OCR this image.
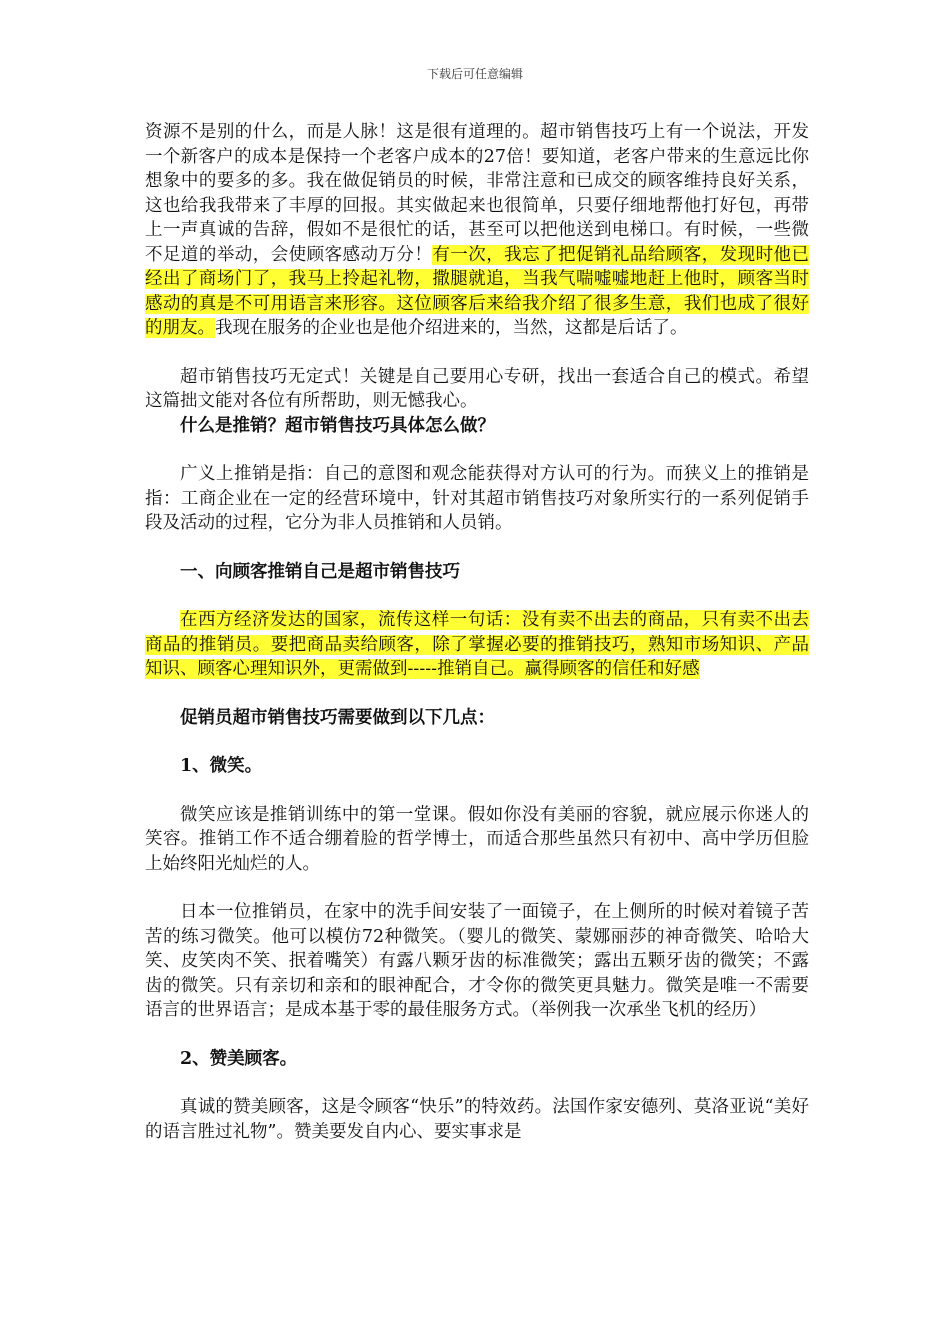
下载后可任意编辑

资源不是别的什么，而是人脉！这是很有道理的。超市销售技巧上有一个说法，开发一个新客户的成本是保持一个老客户成本的27倍！要知道，老客户带来的生意远比你想象中的要多的多。我在做促销员的时候，非常注意和已成交的顾客维持良好关系，这也给我我带来了丰厚的回报。其实做起来也很简单，只要仔细地帮他打好包，再带上一声真诚的告辞，假如不是很忙的话，甚至可以把他送到电梯口。有时候，一些微不足道的举动，会使顾客感动万分！有一次，我忘了把促销礼品给顾客，发现时他已经出了商场门了，我马上拎起礼物，撒腿就追，当我气喘嘘嘘地赶上他时，顾客当时感动的真是不可用语言来形容。这位顾客后来给我介绍了很多生意，我们也成了很好的朋友。我现在服务的企业也是他介绍进来的，当然，这都是后话了。

超市销售技巧无定式！关键是自己要用心专研，找出一套适合自己的模式。希望这篇拙文能对各位有所帮助，则无憾我心。

什么是推销？超市销售技巧具体怎么做？

广义上推销是指：自己的意图和观念能获得对方认可的行为。而狭义上的推销是指：工商企业在一定的经营环境中，针对其超市销售技巧对象所实行的一系列促销手段及活动的过程，它分为非人员推销和人员销。

一、向顾客推销自己是超市销售技巧

在西方经济发达的国家，流传这样一句话：没有卖不出去的商品，只有卖不出去商品的推销员。要把商品卖给顾客，除了掌握必要的推销技巧，熟知市场知识、产品知识、顾客心理知识外，更需做到-----推销自己。赢得顾客的信任和好感

促销员超市销售技巧需要做到以下几点：

1、微笑。

微笑应该是推销训练中的第一堂课。假如你没有美丽的容貌，就应展示你迷人的笑容。推销工作不适合绷着脸的哲学博士，而适合那些虽然只有初中、高中学历但脸上始终阳光灿烂的人。

日本一位推销员，在家中的洗手间安装了一面镜子，在上侧所的时候对着镜子苦苦的练习微笑。他可以模仿72种微笑。（婴儿的微笑、蒙娜丽莎的神奇微笑、哈哈大笑、皮笑肉不笑、抿着嘴笑）有露八颗牙齿的标准微笑；露出五颗牙齿的微笑；不露齿的微笑。只有亲切和亲和的眼神配合，才令你的微笑更具魅力。微笑是唯一不需要语言的世界语言；是成本基于零的最佳服务方式。（举例我一次承坐飞机的经历）

2、赞美顾客。

真诚的赞美顾客，这是令顾客“快乐”的特效药。法国作家安德列、莫洛亚说“美好的语言胜过礼物”。赞美要发自内心、要实事求是
